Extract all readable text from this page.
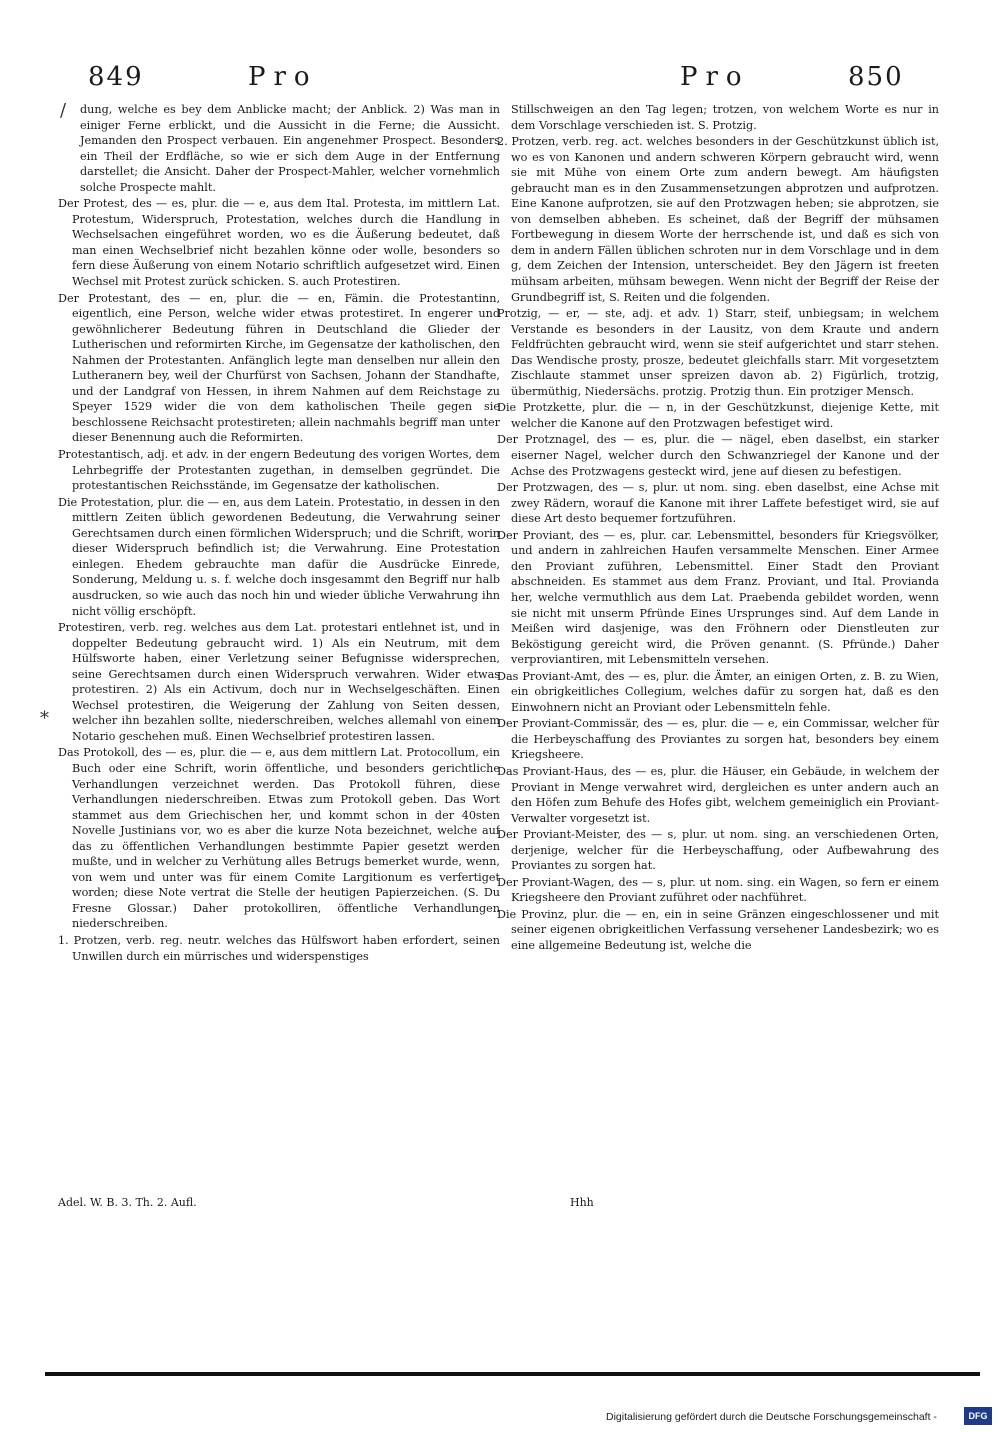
849	Pro	Pro	850
/
*

dung, welche es bey dem Anblicke macht; der Anblick. 2) Was man in einiger Ferne erblickt, und die Aussicht in die Ferne; die Aussicht. Jemanden den Prospect verbauen. Ein angenehmer Prospect. Besonders ein Theil der Erdfläche, so wie er sich dem Auge in der Entfernung darstellet; die Ansicht. Daher der Prospect-Mahler, welcher vornehmlich solche Prospecte mahlt.

Der Protest, des — es, plur. die — e, aus dem Ital. Protesta, im mittlern Lat. Protestum, Widerspruch, Protestation, welches durch die Handlung in Wechselsachen eingeführet worden, wo es die Äußerung bedeutet, daß man einen Wechselbrief nicht bezahlen könne oder wolle, besonders so fern diese Äußerung von einem Notario schriftlich aufgesetzet wird. Einen Wechsel mit Protest zurück schicken. S. auch Protestiren.

Der Protestant, des — en, plur. die — en, Fämin. die Protestantinn, eigentlich, eine Person, welche wider etwas protestiret. In engerer und gewöhnlicherer Bedeutung führen in Deutschland die Glieder der Lutherischen und reformirten Kirche, im Gegensatze der katholischen, den Nahmen der Protestanten. Anfänglich legte man denselben nur allein den Lutheranern bey, weil der Churfürst von Sachsen, Johann der Standhafte, und der Landgraf von Hessen, in ihrem Nahmen auf dem Reichstage zu Speyer 1529 wider die von dem katholischen Theile gegen sie beschlossene Reichsacht protestireten; allein nachmahls begriff man unter dieser Benennung auch die Reformirten.

Protestantisch, adj. et adv. in der engern Bedeutung des vorigen Wortes, dem Lehrbegriffe der Protestanten zugethan, in demselben gegründet. Die protestantischen Reichsstände, im Gegensatze der katholischen.

Die Protestation, plur. die — en, aus dem Latein. Protestatio, in dessen in den mittlern Zeiten üblich gewordenen Bedeutung, die Verwahrung seiner Gerechtsamen durch einen förmlichen Widerspruch; und die Schrift, worin dieser Widerspruch befindlich ist; die Verwahrung. Eine Protestation einlegen. Ehedem gebrauchte man dafür die Ausdrücke Einrede, Sonderung, Meldung u. s. f. welche doch insgesammt den Begriff nur halb ausdrucken, so wie auch das noch hin und wieder übliche Verwahrung ihn nicht völlig erschöpft.

Protestiren, verb. reg. welches aus dem Lat. protestari entlehnet ist, und in doppelter Bedeutung gebraucht wird. 1) Als ein Neutrum, mit dem Hülfsworte haben, einer Verletzung seiner Befugnisse widersprechen, seine Gerechtsamen durch einen Widerspruch verwahren. Wider etwas protestiren. 2) Als ein Activum, doch nur in Wechselgeschäften. Einen Wechsel protestiren, die Weigerung der Zahlung von Seiten dessen, welcher ihn bezahlen sollte, niederschreiben, welches allemahl von einem Notario geschehen muß. Einen Wechselbrief protestiren lassen.

Das Protokoll, des — es, plur. die — e, aus dem mittlern Lat. Protocollum, ein Buch oder eine Schrift, worin öffentliche, und besonders gerichtliche Verhandlungen verzeichnet werden. Das Protokoll führen, diese Verhandlungen niederschreiben. Etwas zum Protokoll geben. Das Wort stammet aus dem Griechischen her, und kommt schon in der 40sten Novelle Justinians vor, wo es aber die kurze Nota bezeichnet, welche auf das zu öffentlichen Verhandlungen bestimmte Papier gesetzt werden mußte, und in welcher zu Verhütung alles Betrugs bemerket wurde, wenn, von wem und unter was für einem Comite Largitionum es verfertiget worden; diese Note vertrat die Stelle der heutigen Papierzeichen. (S. Du Fresne Glossar.) Daher protokolliren, öffentliche Verhandlungen niederschreiben.

1. Protzen, verb. reg. neutr. welches das Hülfswort haben erfordert, seinen Unwillen durch ein mürrisches und widerspenstiges

Stillschweigen an den Tag legen; trotzen, von welchem Worte es nur in dem Vorschlage verschieden ist. S. Protzig.

2. Protzen, verb. reg. act. welches besonders in der Geschützkunst üblich ist, wo es von Kanonen und andern schweren Körpern gebraucht wird, wenn sie mit Mühe von einem Orte zum andern bewegt. Am häufigsten gebraucht man es in den Zusammensetzungen abprotzen und aufprotzen. Eine Kanone aufprotzen, sie auf den Protzwagen heben; sie abprotzen, sie von demselben abheben. Es scheinet, daß der Begriff der mühsamen Fortbewegung in diesem Worte der herrschende ist, und daß es sich von dem in andern Fällen üblichen schroten nur in dem Vorschlage und in dem g, dem Zeichen der Intension, unterscheidet. Bey den Jägern ist freeten mühsam arbeiten, mühsam bewegen. Wenn nicht der Begriff der Reise der Grundbegriff ist, S. Reiten und die folgenden.

Protzig, — er, — ste, adj. et adv. 1) Starr, steif, unbiegsam; in welchem Verstande es besonders in der Lausitz, von dem Kraute und andern Feldfrüchten gebraucht wird, wenn sie steif aufgerichtet und starr stehen. Das Wendische prosty, prosze, bedeutet gleichfalls starr. Mit vorgesetztem Zischlaute stammet unser spreizen davon ab. 2) Figürlich, trotzig, übermüthig, Niedersächs. protzig. Protzig thun. Ein protziger Mensch.

Die Protzkette, plur. die — n, in der Geschützkunst, diejenige Kette, mit welcher die Kanone auf den Protzwagen befestiget wird.

Der Protznagel, des — es, plur. die — nägel, eben daselbst, ein starker eiserner Nagel, welcher durch den Schwanzriegel der Kanone und der Achse des Protzwagens gesteckt wird, jene auf diesen zu befestigen.

Der Protzwagen, des — s, plur. ut nom. sing. eben daselbst, eine Achse mit zwey Rädern, worauf die Kanone mit ihrer Laffete befestiget wird, sie auf diese Art desto bequemer fortzuführen.

Der Proviant, des — es, plur. car. Lebensmittel, besonders für Kriegsvölker, und andern in zahlreichen Haufen versammelte Menschen. Einer Armee den Proviant zuführen, Lebensmittel. Einer Stadt den Proviant abschneiden. Es stammet aus dem Franz. Proviant, und Ital. Provianda her, welche vermuthlich aus dem Lat. Praebenda gebildet worden, wenn sie nicht mit unserm Pfründe Eines Ursprunges sind. Auf dem Lande in Meißen wird dasjenige, was den Fröhnern oder Dienstleuten zur Beköstigung gereicht wird, die Pröven genannt. (S. Pfründe.) Daher verproviantiren, mit Lebensmitteln versehen.

Das Proviant-Amt, des — es, plur. die Ämter, an einigen Orten, z. B. zu Wien, ein obrigkeitliches Collegium, welches dafür zu sorgen hat, daß es den Einwohnern nicht an Proviant oder Lebensmitteln fehle.

Der Proviant-Commissär, des — es, plur. die — e, ein Commissar, welcher für die Herbeyschaffung des Proviantes zu sorgen hat, besonders bey einem Kriegsheere.

Das Proviant-Haus, des — es, plur. die Häuser, ein Gebäude, in welchem der Proviant in Menge verwahret wird, dergleichen es unter andern auch an den Höfen zum Behufe des Hofes gibt, welchem gemeiniglich ein Proviant-Verwalter vorgesetzt ist.

Der Proviant-Meister, des — s, plur. ut nom. sing. an verschiedenen Orten, derjenige, welcher für die Herbeyschaffung, oder Aufbewahrung des Proviantes zu sorgen hat.

Der Proviant-Wagen, des — s, plur. ut nom. sing. ein Wagen, so fern er einem Kriegsheere den Proviant zuführet oder nachführet.

Die Provinz, plur. die — en, ein in seine Gränzen eingeschlossener und mit seiner eigenen obrigkeitlichen Verfassung versehener Landesbezirk; wo es eine allgemeine Bedeutung ist, welche die

Adel. W. B. 3. Th. 2. Aufl.	Hhh
Digitalisierung gefördert durch die Deutsche Forschungsgemeinschaft -	DFG
